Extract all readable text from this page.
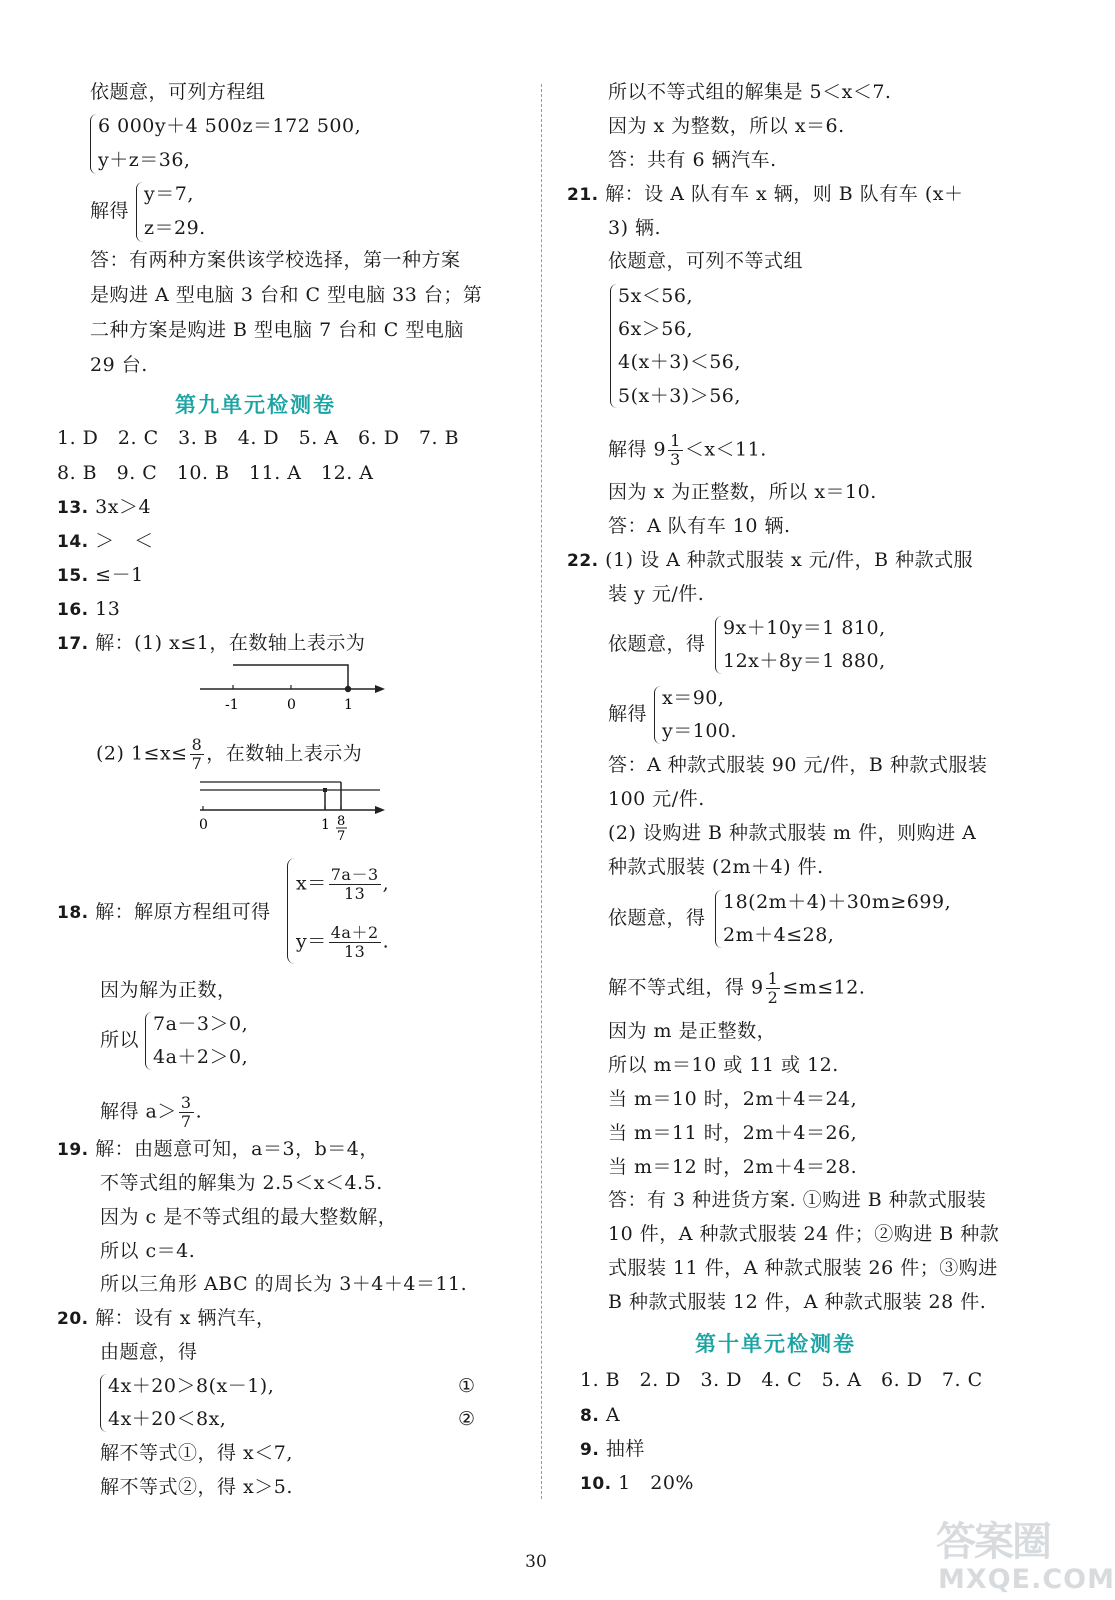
依题意，可列方程组
6 000y＋4 500z＝172 500,
y＋z＝36,
解得
y＝7,
z＝29.
答：有两种方案供该学校选择，第一种方案
是购进 A 型电脑 3 台和 C 型电脑 33 台；第
二种方案是购进 B 型电脑 7 台和 C 型电脑
29 台.
第九单元检测卷
1. D　2. C　3. B　4. D　5. A　6. D　7. B
8. B　9. C　10. B　11. A　12. A
13. 3x＞4
14. ＞　＜
15. ≤－1
16. 13
17. 解：(1) x≤1，在数轴上表示为
-1	0	1
(2) $1\le x\le \frac{8}{7}$ ，在数轴上表示为
0	1 8
7
18. 解：解原方程组可得
$x= \frac{7a-3}{13}$ ,
$y= \frac{4a+2}{13}$ .
因为解为正数，
所以
7a－3＞0,
4a＋2＞0,
解得 $a> \frac{3}{7}$ .
19. 解：由题意可知，a＝3，b＝4，
不等式组的解集为 2.5＜x＜4.5.
因为 c 是不等式组的最大整数解，
所以 c＝4.
所以三角形 ABC 的周长为 3＋4＋4＝11.
20. 解：设有 x 辆汽车，
由题意，得
4x＋20＞8(x－1),	①
4x＋20＜8x,	②
解不等式①，得 x＜7,
解不等式②，得 x＞5.
所以不等式组的解集是 5＜x＜7.
因为 x 为整数，所以 x＝6.
答：共有 6 辆汽车.
21. 解：设 A 队有车 x 辆，则 B 队有车 (x＋
3) 辆.
依题意，可列不等式组
5x＜56,
6x＞56,
4(x＋3)＜56,
5(x＋3)＞56,
解得 $9 \frac{1}{3} <x<11$.
因为 x 为正整数，所以 x＝10.
答：A 队有车 10 辆.
22. (1) 设 A 种款式服装 x 元/件，B 种款式服
装 y 元/件.
依题意，得
9x＋10y＝1 810,
12x＋8y＝1 880,
解得
x＝90,
y＝100.
答：A 种款式服装 90 元/件，B 种款式服装
100 元/件.
(2) 设购进 B 种款式服装 m 件，则购进 A
种款式服装 (2m＋4) 件.
依题意，得
18(2m＋4)＋30m≥699,
2m＋4≤28,
解不等式组，得 $9 \frac{1}{2} \le m\le 12$.
因为 m 是正整数，
所以 m＝10 或 11 或 12.
当 m＝10 时，2m＋4＝24,
当 m＝11 时，2m＋4＝26,
当 m＝12 时，2m＋4＝28.
答：有 3 种进货方案. ①购进 B 种款式服装
10 件，A 种款式服装 24 件；②购进 B 种款
式服装 11 件，A 种款式服装 26 件；③购进
B 种款式服装 12 件，A 种款式服装 28 件.
第十单元检测卷
1. B　2. D　3. D　4. C　5. A　6. D　7. C
8. A
9. 抽样
10. 1　20%
30	答案圈
MXQE.COM
